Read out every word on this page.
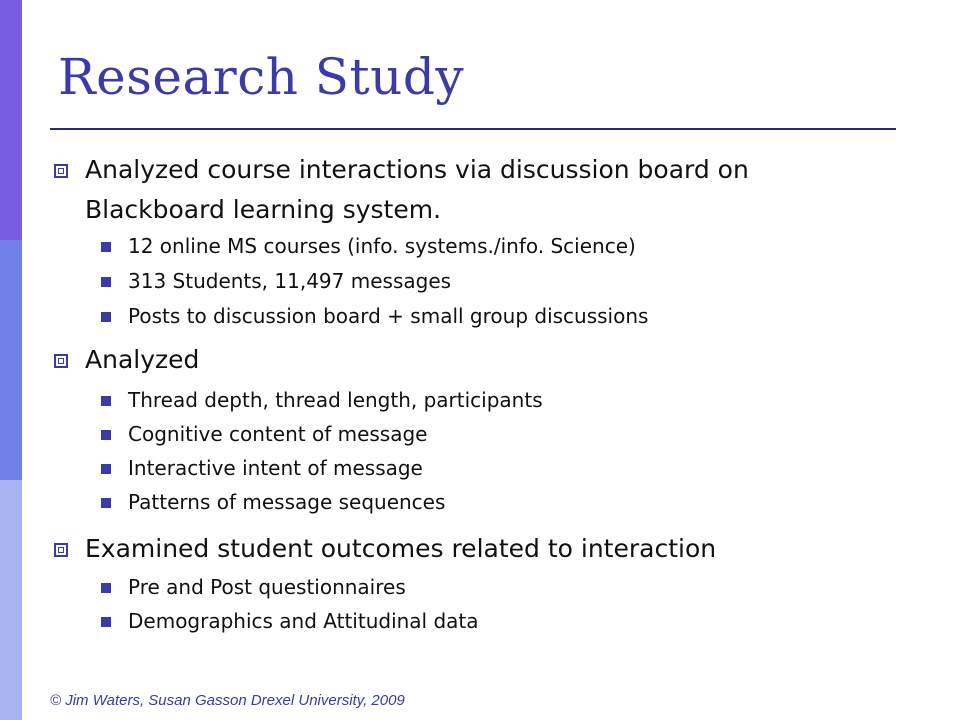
Research Study
Analyzed course interactions via discussion board on
Blackboard learning system.
12 online MS courses (info. systems./info. Science)
313 Students, 11,497 messages
Posts to discussion board + small group discussions
Analyzed
Thread depth, thread length, participants
Cognitive content of message
Interactive intent of message
Patterns of message sequences
Examined student outcomes related to interaction
Pre and Post questionnaires
Demographics and Attitudinal data
© Jim Waters, Susan Gasson Drexel University, 2009
